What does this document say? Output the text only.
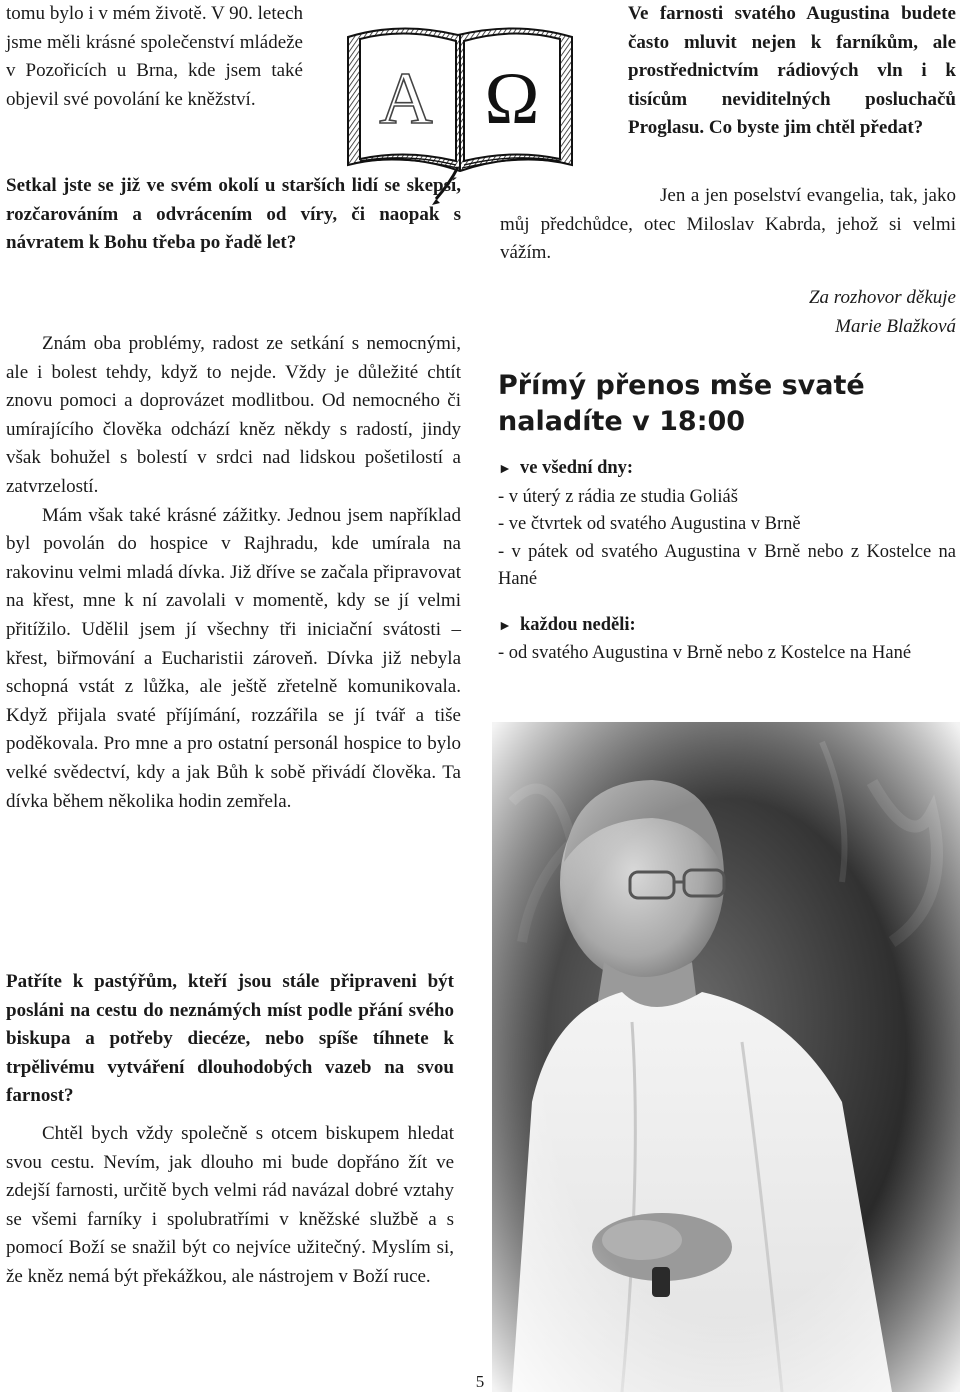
tomu bylo i v mém životě. V 90. letech jsme měli krásné společenství mládeže v Pozořicích u Brna, kde jsem také objevil své povolání ke kněžství.	A Ω

Setkal jste se již ve svém okolí u starších lidí se skepsí, rozčarováním a odvrácením od víry, či naopak s návratem k Bohu třeba po řadě let?

Znám oba problémy, radost ze setkání s nemocnými, ale i bolest tehdy, když to nejde. Vždy je důležité chtít znovu pomoci a doprovázet modlitbou. Od nemocného či umírajícího člověka odchází kněz někdy s radostí, jindy však bohužel s bolestí v srdci nad lidskou pošetilostí a zatvrzelostí.

Mám však také krásné zážitky. Jednou jsem například byl povolán do hospice v Rajhradu, kde umírala na rakovinu velmi mladá dívka. Již dříve se začala připravovat na křest, mne k ní zavolali v momentě, kdy se jí velmi přitížilo. Udělil jsem jí všechny tři iniciační svátosti – křest, biřmování a Eucharistii zároveň. Dívka již nebyla schopná vstát z lůžka, ale ještě zřetelně komunikovala. Když přijala svaté příjímání, rozzářila se jí tvář a tiše poděkovala. Pro mne a pro ostatní personál hospice to bylo velké svědectví, kdy a jak Bůh k sobě přivádí člověka. Ta dívka během několika hodin zemřela.

Patříte k pastýřům, kteří jsou stále připraveni být posláni na cestu do neznámých míst podle přání svého biskupa a potřeby diecéze, nebo spíše tíhnete k trpělivému vytváření dlouhodobých vazeb na svou farnost?

Chtěl bych vždy společně s otcem biskupem hledat svou cestu. Nevím, jak dlouho mi bude dopřáno žít ve zdejší farnosti, určitě bych velmi rád navázal dobré vztahy se všemi farníky i spolubratřími v kněžské službě a s pomocí Boží se snažil být co nejvíce užitečný. Myslím si, že kněz nemá být překážkou, ale nástrojem v Boží ruce.

Ve farnosti svatého Augustina budete často mluvit nejen k farníkům, ale prostřednictvím rádiových vln i k tisícům neviditelných posluchačů Proglasu. Co byste jim chtěl předat?

Jen a jen poselství evangelia, tak, jako můj předchůdce, otec Miloslav Kabrda, jehož si velmi vážím.

Za rozhovor děkuje

Marie Blažková

Přímý přenos mše svaté
naladíte v 18:00
► ve všední dny:
- v úterý z rádia ze studia Goliáš
- ve čtvrtek od svatého Augustina v Brně
- v pátek od svatého Augustina v Brně nebo z Kostelce na Hané
► každou neděli:
- od svatého Augustina v Brně nebo z Kostelce na Hané
5
